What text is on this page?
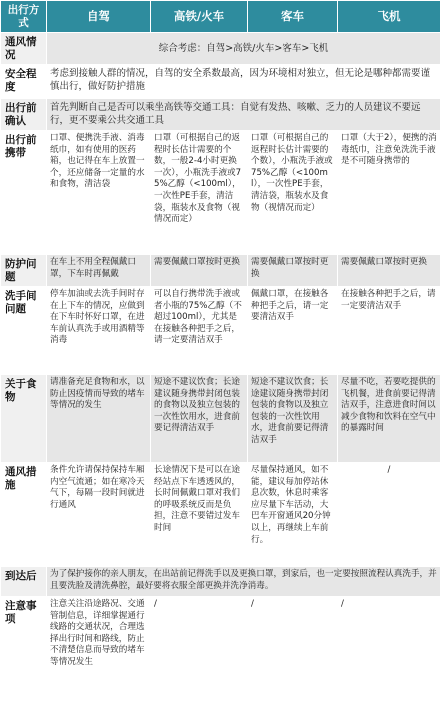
出行方式	自驾	高铁/火车	客车	飞机
通风情况	综合考虑：自驾>高铁/火车>客车>飞机			
安全程度	考虑到接触人群的情况，自驾的安全系数最高，因为环境相对独立，但无论是哪种都需要谨慎出行，做好防护措施			
出行前确认	首先判断自己是否可以乘坐高铁等交通工具：自觉有发热、咳嗽、乏力的人员建议不要远行，更不要乘公共交通工具			
出行前携带	口罩、便携洗手液、消毒纸巾，如有使用的医药箱，也记得在车上放置一个，还应储备一定量的水和食物，清洁袋	口罩（可根据自己的返程时长估计需要的个数，一般2-4小时更换一次），小瓶洗手液或75%乙醇（<100ml），一次性PE手套，清洁袋，瓶装水及食物（视情况而定）	口罩（可根据自己的返程时长估计需要的个数），小瓶洗手液或75%乙醇（<100ml），一次性PE手套，清洁袋，瓶装水及食物（视情况而定）	口罩（大于2），便携的消毒纸巾，注意免洗洗手液是不可随身携带的
防护问题	在车上不用全程佩戴口罩，下车时再佩戴	需要佩戴口罩按时更换	需要佩戴口罩按时更换	需要佩戴口罩按时更换
洗手间问题	停车加油或去洗手间时存在上下车的情况，应做到在下车时怀好口罩，在进车前认真洗手或用酒精等消毒	可以自行携带洗手液或者小瓶的75%乙醇（不超过100ml），尤其是在接触各种把手之后，请一定要清洁双手	佩戴口罩，在接触各种把手之后，请一定要清洁双手	在接触各种把手之后，请一定要清洁双手
关于食物	请准备充足食物和水，以防止因疫情而导致的堵车等情况的发生	短途不建议饮食；长途建议随身携带封闭包装的食物以及独立包装的一次性饮用水，进食前要记得清洁双手	短途不建议饮食；长途建议随身携带封闭包装的食物以及独立包装的一次性饮用水，进食前要记得清洁双手	尽量不吃，若要吃提供的飞机餐，进食前要记得清洁双手，注意进食时间以减少食物和饮料在空气中的暴露时间
通风措施	条件允许请保持保持车厢内空气流通；如在寒冷天气下，每隔一段时间就进行通风	长途情况下是可以在途经站点下车透透风的，长时间佩戴口罩对我们的呼吸系统反而是负担，注意不要错过发车时间	尽量保持通风，如不能，建议每加停站休息次数，休息时乘客应尽量下车活动，大巴车开窗通风20分钟以上，再继续上车前行。	/
到达后	为了保护接你的亲人朋友，在出站前记得洗手以及更换口罩，到家后，也一定要按照流程认真洗手，并且要洗脸及清洗鼻腔，最好要将衣服全部更换并洗净消毒。			
注意事项	注意关注沿途路况、交通管制信息，详细掌握通行线路的交通状况，合理选择出行时间和路线，防止不清楚信息而导致的堵车等情况发生	/	/	/
